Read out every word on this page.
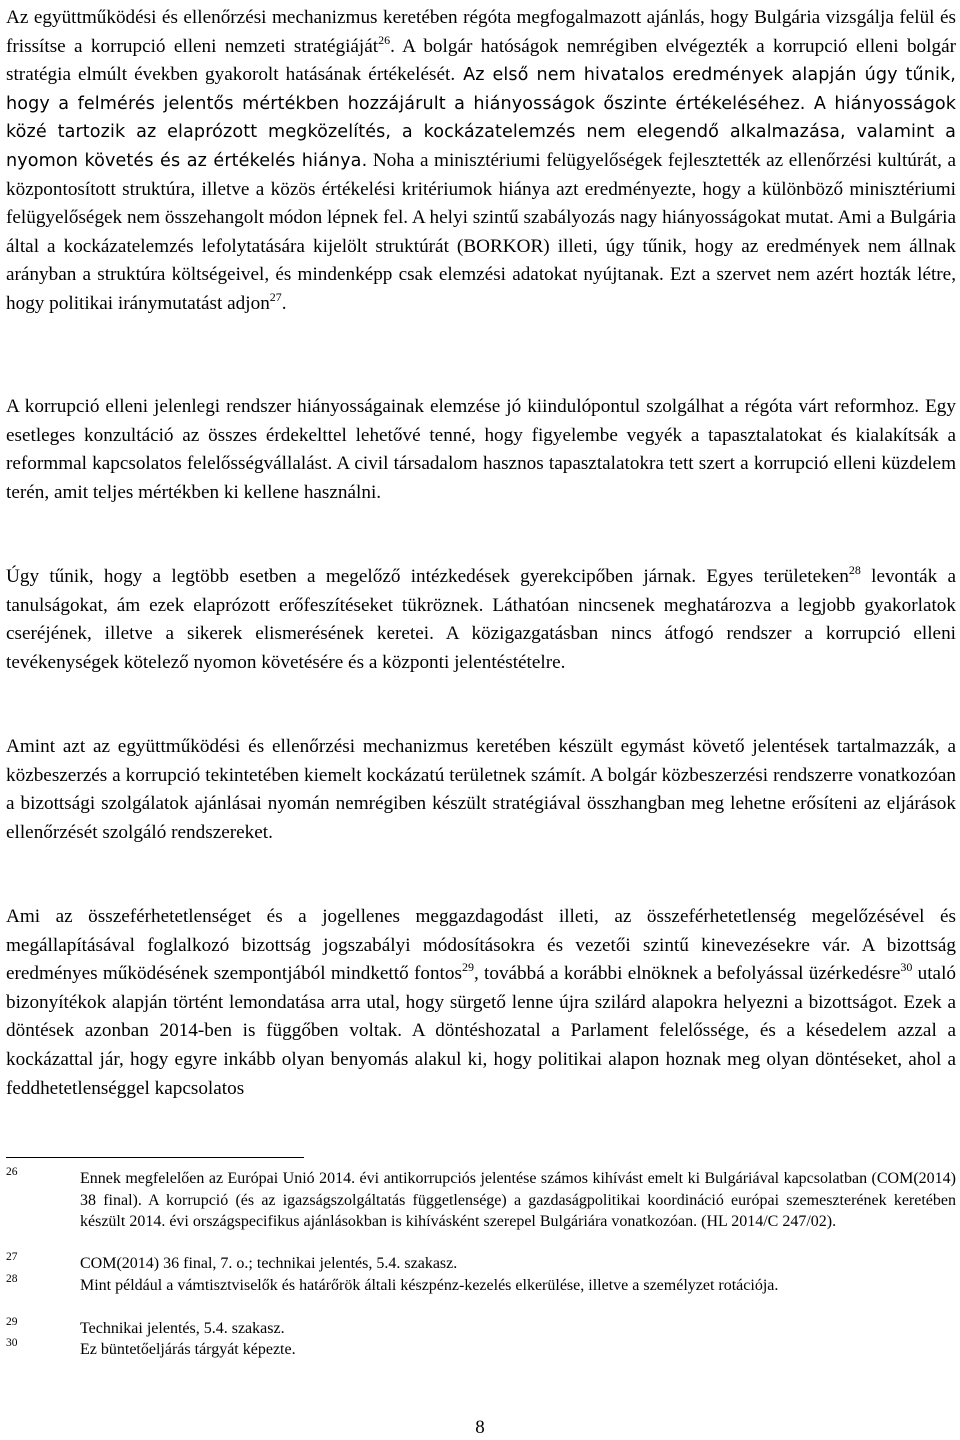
Az együttműködési és ellenőrzési mechanizmus keretében régóta megfogalmazott ajánlás, hogy Bulgária vizsgálja felül és frissítse a korrupció elleni nemzeti stratégiáját$^{26}$. A bolgár hatóságok nemrégiben elvégezték a korrupció elleni bolgár stratégia elmúlt években gyakorolt hatásának értékelését. Az első nem hivatalos eredmények alapján úgy tűnik, hogy a felmérés jelentős mértékben hozzájárult a hiányosságok őszinte értékeléséhez. A hiányosságok közé tartozik az elaprózott megközelítés, a kockázatelemzés nem elegendő alkalmazása, valamint a nyomon követés és az értékelés hiánya. Noha a minisztériumi felügyelőségek fejlesztették az ellenőrzési kultúrát, a központosított struktúra, illetve a közös értékelési kritériumok hiánya azt eredményezte, hogy a különböző minisztériumi felügyelőségek nem összehangolt módon lépnek fel. A helyi szintű szabályozás nagy hiányosságokat mutat. Ami a Bulgária által a kockázatelemzés lefolytatására kijelölt struktúrát (BORKOR) illeti, úgy tűnik, hogy az eredmények nem állnak arányban a struktúra költségeivel, és mindenképp csak elemzési adatokat nyújtanak. Ezt a szervet nem azért hozták létre, hogy politikai iránymutatást adjon$^{27}$.

A korrupció elleni jelenlegi rendszer hiányosságainak elemzése jó kiindulópontul szolgálhat a régóta várt reformhoz. Egy esetleges konzultáció az összes érdekelttel lehetővé tenné, hogy figyelembe vegyék a tapasztalatokat és kialakítsák a reformmal kapcsolatos felelősségvállalást. A civil társadalom hasznos tapasztalatokra tett szert a korrupció elleni küzdelem terén, amit teljes mértékben ki kellene használni.

Úgy tűnik, hogy a legtöbb esetben a megelőző intézkedések gyerekcipőben járnak. Egyes területeken$^{28}$ levonták a tanulságokat, ám ezek elaprózott erőfeszítéseket tükröznek. Láthatóan nincsenek meghatározva a legjobb gyakorlatok cseréjének, illetve a sikerek elismerésének keretei. A közigazgatásban nincs átfogó rendszer a korrupció elleni tevékenységek kötelező nyomon követésére és a központi jelentéstételre.

Amint azt az együttműködési és ellenőrzési mechanizmus keretében készült egymást követő jelentések tartalmazzák, a közbeszerzés a korrupció tekintetében kiemelt kockázatú területnek számít. A bolgár közbeszerzési rendszerre vonatkozóan a bizottsági szolgálatok ajánlásai nyomán nemrégiben készült stratégiával összhangban meg lehetne erősíteni az eljárások ellenőrzését szolgáló rendszereket.

Ami az összeférhetetlenséget és a jogellenes meggazdagodást illeti, az összeférhetetlenség megelőzésével és megállapításával foglalkozó bizottság jogszabályi módosításokra és vezetői szintű kinevezésekre vár. A bizottság eredményes működésének szempontjából mindkettő fontos$^{29}$, továbbá a korábbi elnöknek a befolyással üzérkedésre$^{30}$ utaló bizonyítékok alapján történt lemondatása arra utal, hogy sürgető lenne újra szilárd alapokra helyezni a bizottságot. Ezek a döntések azonban 2014-ben is függőben voltak. A döntéshozatal a Parlament felelőssége, és a késedelem azzal a kockázattal jár, hogy egyre inkább olyan benyomás alakul ki, hogy politikai alapon hoznak meg olyan döntéseket, ahol a feddhetetlenséggel kapcsolatos

26	Ennek megfelelően az Európai Unió 2014. évi antikorrupciós jelentése számos kihívást emelt ki Bulgáriával kapcsolatban (COM(2014) 38 final). A korrupció (és az igazságszolgáltatás függetlensége) a gazdaságpolitikai koordináció európai szemeszterének keretében készült 2014. évi országspecifikus ajánlásokban is kihívásként szerepel Bulgáriára vonatkozóan. (HL 2014/C 247/02).
27	COM(2014) 36 final, 7. o.; technikai jelentés, 5.4. szakasz.
28	Mint például a vámtisztviselők és határőrök általi készpénz-kezelés elkerülése, illetve a személyzet rotációja.
29	Technikai jelentés, 5.4. szakasz.
30	Ez büntetőeljárás tárgyát képezte.
8
